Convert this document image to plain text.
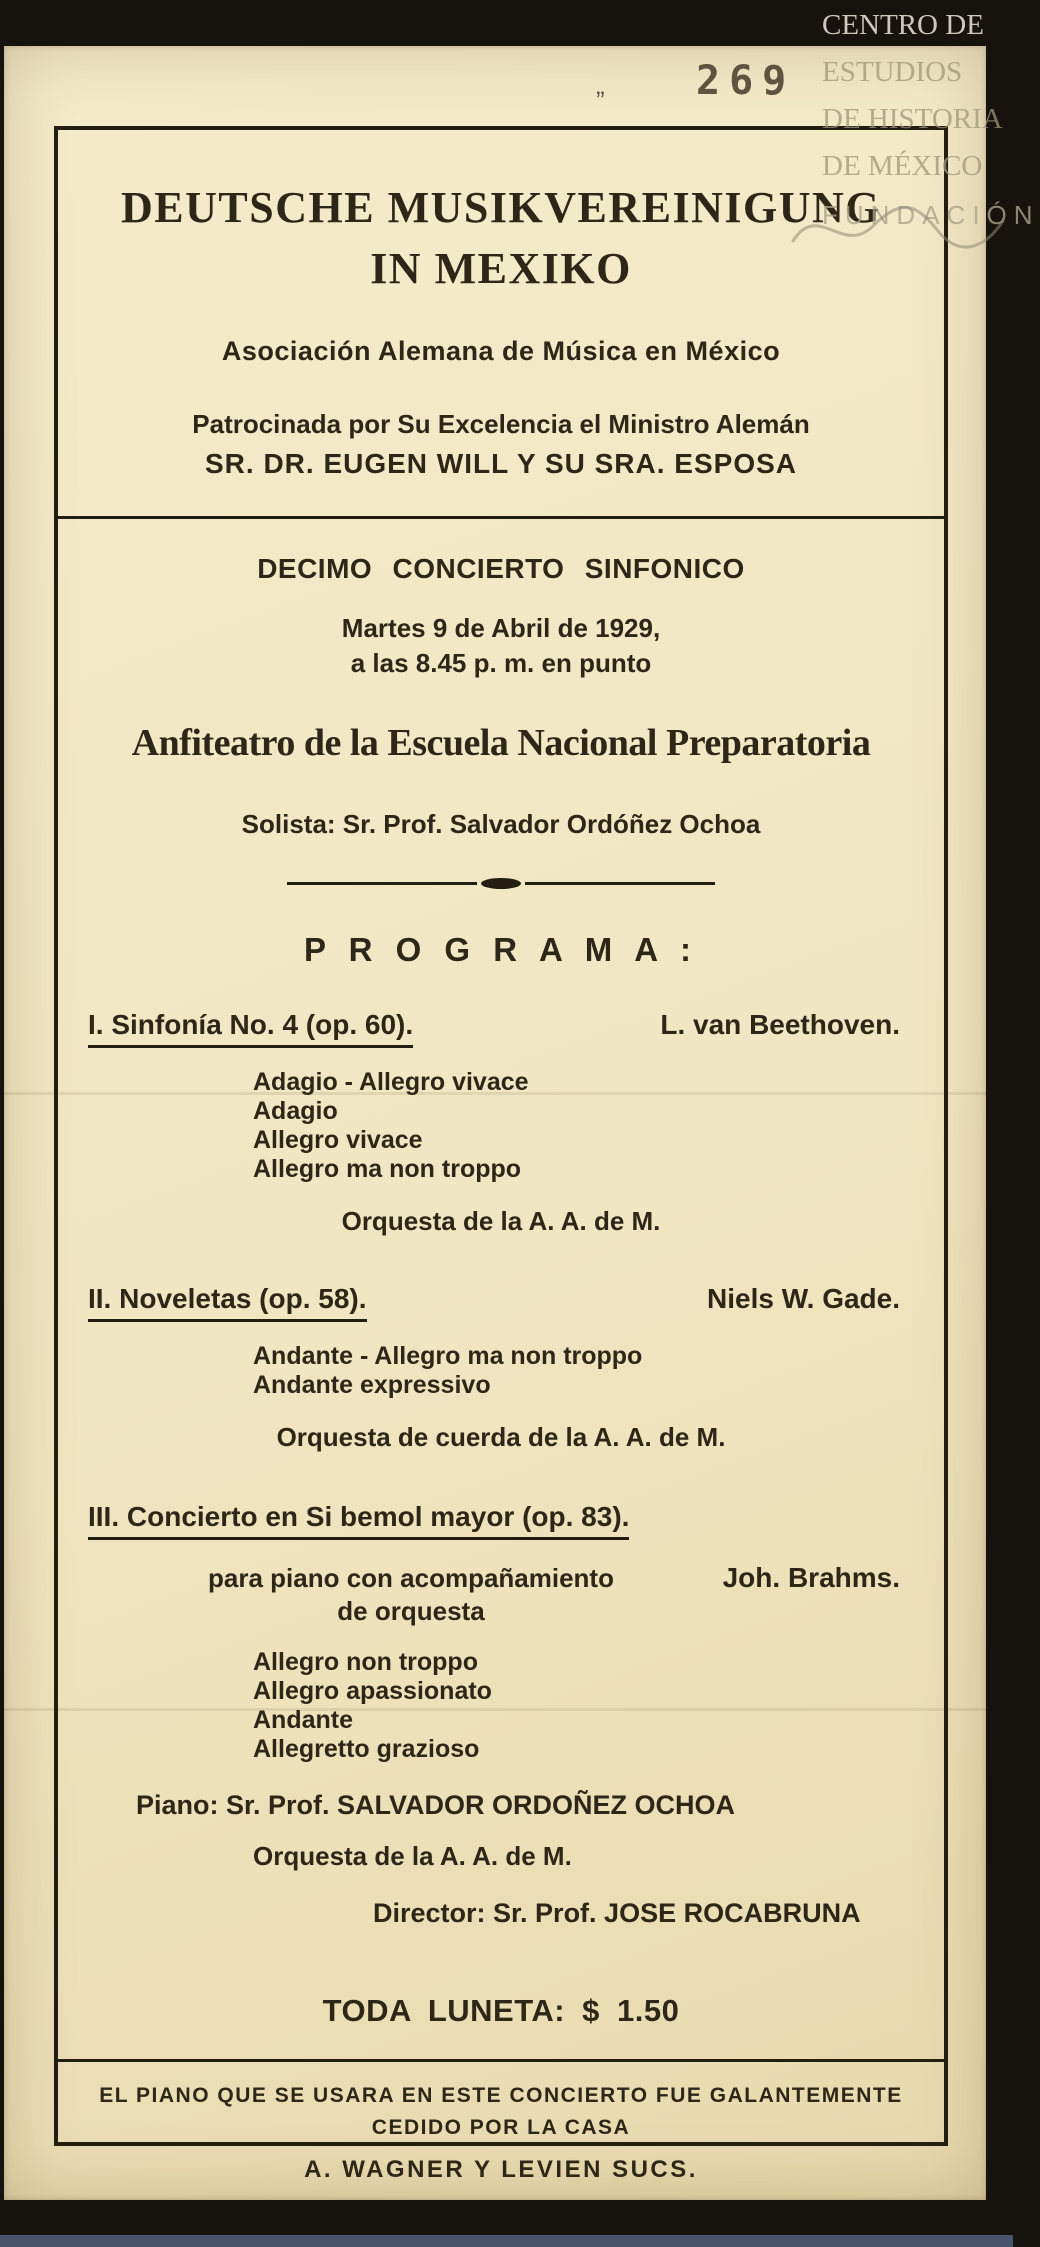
DEUTSCHE MUSIKVEREINIGUNG
IN MEXIKO
Asociación Alemana de Música en México
Patrocinada por Su Excelencia el Ministro Alemán
SR. DR. EUGEN WILL Y SU SRA. ESPOSA
DECIMO CONCIERTO SINFONICO
Martes 9 de Abril de 1929,
a las 8.45 p. m. en punto
Anfiteatro de la Escuela Nacional Preparatoria
Solista: Sr. Prof. Salvador Ordóñez Ochoa
P R O G R A M A :
I. Sinfonía No. 4 (op. 60).	L. van Beethoven.
Adagio - Allegro vivace
Adagio
Allegro vivace
Allegro ma non troppo
Orquesta de la A. A. de M.
II. Noveletas (op. 58).	Niels W. Gade.
Andante - Allegro ma non troppo
Andante expressivo
Orquesta de cuerda de la A. A. de M.
III. Concierto en Si bemol mayor (op. 83).
para piano con acompañamiento
de orquesta
Joh. Brahms.
Allegro non troppo
Allegro apassionato
Andante
Allegretto grazioso
Piano: Sr. Prof. SALVADOR ORDOÑEZ OCHOA
Orquesta de la A. A. de M.
Director: Sr. Prof. JOSE ROCABRUNA
TODA LUNETA: $ 1.50
EL PIANO QUE SE USARA EN ESTE CONCIERTO FUE GALANTEMENTE
CEDIDO POR LA CASA
A. WAGNER Y LEVIEN SUCS.
269
„
CENTRO DE
ESTUDIOS
DE HISTORIA
DE MÉXICO
FUNDACIÓN
